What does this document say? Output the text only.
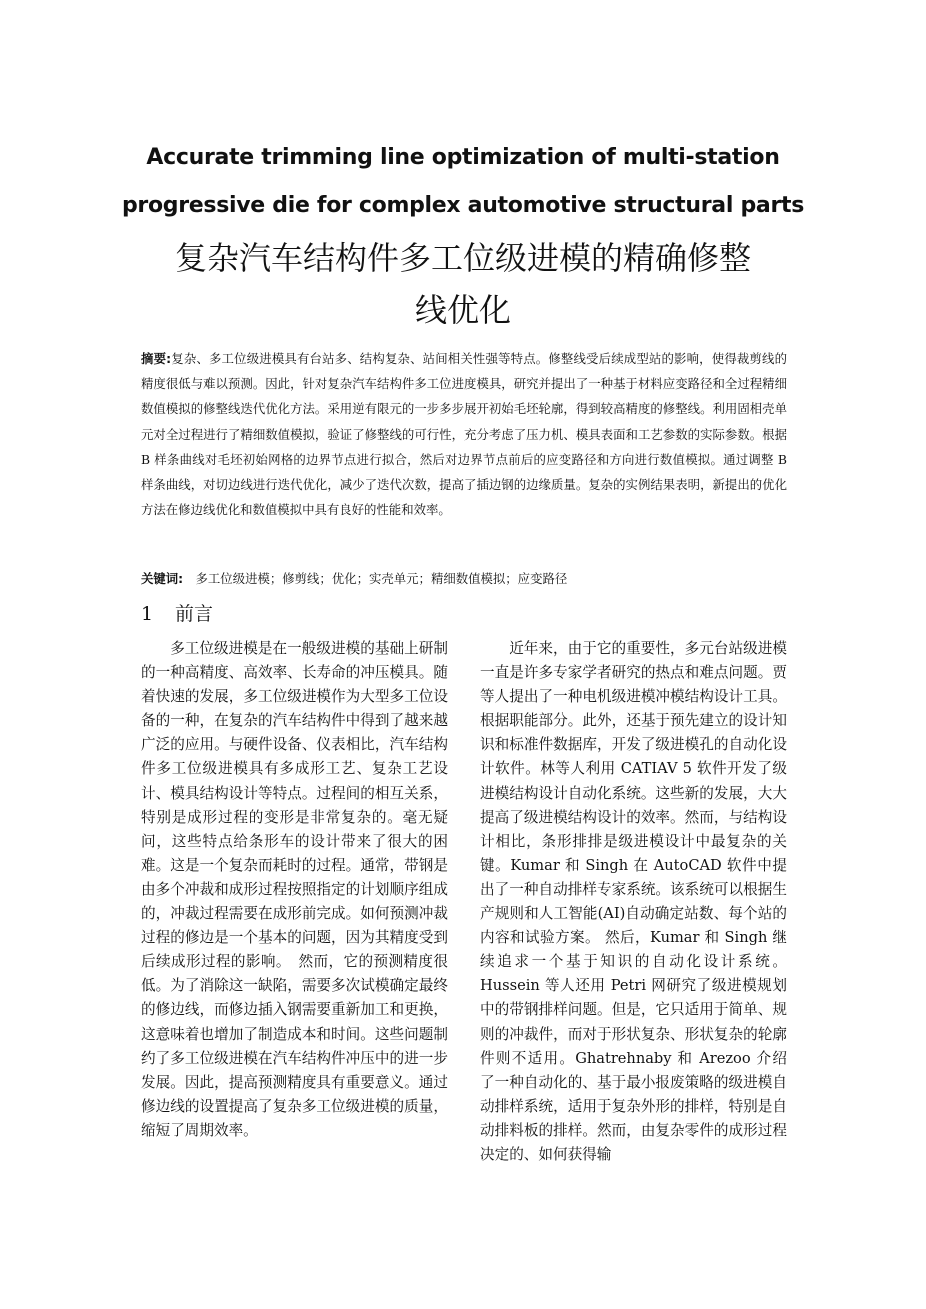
Accurate trimming line optimization of multi-station
progressive die for complex automotive structural parts
复杂汽车结构件多工位级进模的精确修整
线优化
摘要:复杂、多工位级进模具有台站多、结构复杂、站间相关性强等特点。修整线受后续成型站的影响，使得裁剪线的精度很低与难以预测。因此，针对复杂汽车结构件多工位进度模具，研究并提出了一种基于材料应变路径和全过程精细数值模拟的修整线迭代优化方法。采用逆有限元的一步多步展开初始毛坯轮廓，得到较高精度的修整线。利用固相壳单元对全过程进行了精细数值模拟，验证了修整线的可行性，充分考虑了压力机、模具表面和工艺参数的实际参数。根据 B 样条曲线对毛坯初始网格的边界节点进行拟合，然后对边界节点前后的应变路径和方向进行数值模拟。通过调整 B 样条曲线，对切边线进行迭代优化，减少了迭代次数，提高了插边钢的边缘质量。复杂的实例结果表明，新提出的优化方法在修边线优化和数值模拟中具有良好的性能和效率。
关键词:　 多工位级进模；修剪线；优化；实壳单元；精细数值模拟；应变路径
1 前言

多工位级进模是在一般级进模的基础上研制的一种高精度、高效率、长寿命的冲压模具。随着快速的发展，多工位级进模作为大型多工位设备的一种，在复杂的汽车结构件中得到了越来越广泛的应用。与硬件设备、仪表相比，汽车结构件多工位级进模具有多成形工艺、复杂工艺设计、模具结构设计等特点。过程间的相互关系，特别是成形过程的变形是非常复杂的。毫无疑问，这些特点给条形车的设计带来了很大的困难。这是一个复杂而耗时的过程。通常，带钢是由多个冲裁和成形过程按照指定的计划顺序组成的，冲裁过程需要在成形前完成。如何预测冲裁过程的修边是一个基本的问题，因为其精度受到后续成形过程的影响。　然而，它的预测精度很低。为了消除这一缺陷，需要多次试模确定最终的修边线，而修边插入钢需要重新加工和更换，这意味着也增加了制造成本和时间。这些问题制约了多工位级进模在汽车结构件冲压中的进一步发展。因此，提高预测精度具有重要意义。通过修边线的设置提高了复杂多工位级进模的质量，缩短了周期效率。

近年来，由于它的重要性，多元台站级进模一直是许多专家学者研究的热点和难点问题。贾等人提出了一种电机级进模冲模结构设计工具。根据职能部分。此外，还基于预先建立的设计知识和标准件数据库，开发了级进模孔的自动化设计软件。林等人利用 CATIAV 5 软件开发了级进模结构设计自动化系统。这些新的发展，大大提高了级进模结构设计的效率。然而，与结构设计相比，条形排排是级进模设计中最复杂的关键。Kumar 和 Singh 在 AutoCAD 软件中提出了一种自动排样专家系统。该系统可以根据生产规则和人工智能(AI)自动确定站数、每个站的内容和试验方案。 然后，Kumar 和 Singh 继续追求一个基于知识的自动化设计系统。Hussein 等人还用 Petri 网研究了级进模规划中的带钢排样问题。但是，它只适用于简单、规则的冲裁件，而对于形状复杂、形状复杂的轮廓件则不适用。Ghatrehnaby 和 Arezoo 介绍了一种自动化的、基于最小报废策略的级进模自动排样系统，适用于复杂外形的排样，特别是自动排料板的排样。然而，由复杂零件的成形过程决定的、如何获得输
